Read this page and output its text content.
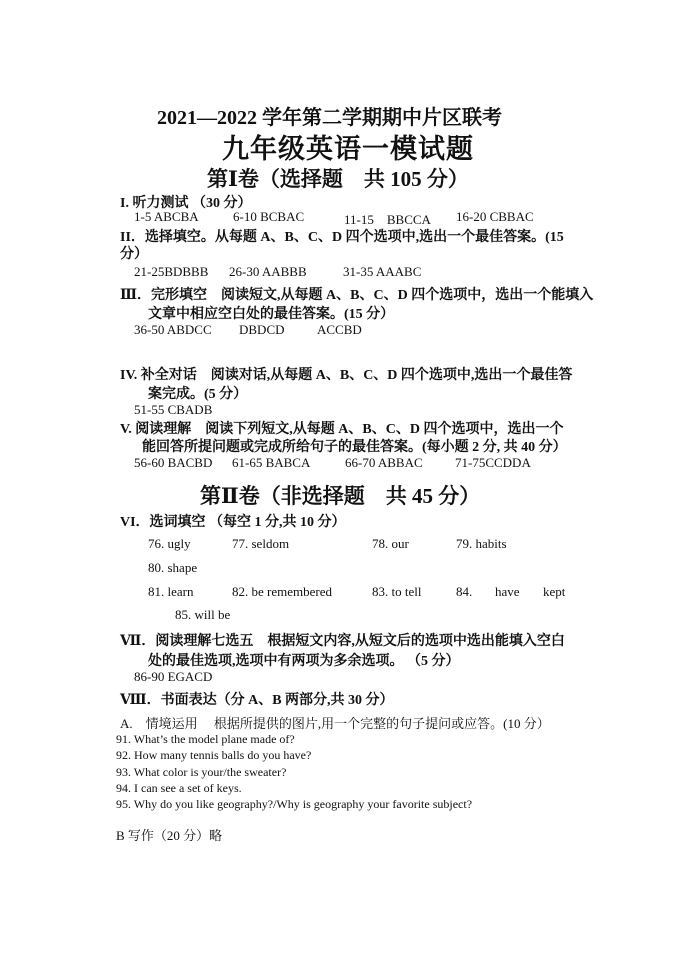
2021—2022 学年第二学期期中片区联考
九年级英语一模试题
第Ⅰ卷（选择题　共 105 分）
I. 听力测试 （30 分）
1-5 ABCBA	6-10 BCBAC	11-15　BBCCA 16-20 CBBAC
II．选择填空。从每题 A、B、C、D 四个选项中,选出一个最佳答案。(15
分）
21-25BDBBB 26-30 AABBB	31-35 AAABC
Ⅲ．完形填空　阅读短文,从每题 A、B、C、D 四个选项中，选出一个能填入
文章中相应空白处的最佳答案。(15 分）
36-50 ABDCC DBDCD ACCBD
IV. 补全对话　阅读对话,从每题 A、B、C、D 四个选项中,选出一个最佳答
案完成。(5 分）
51-55 CBADB
V. 阅读理解　阅读下列短文,从每题 A、B、C、D 四个选项中，选出一个
能回答所提问题或完成所给句子的最佳答案。(每小题 2 分, 共 40 分）
56-60 BACBD 61-65 BABCA	66-70 ABBAC 71-75CCDDA
第Ⅱ卷（非选择题　共 45 分）
VI．选词填空 （每空 1 分,共 10 分）
76. ugly	77. seldom	78. our	79. habits
80. shape
81. learn	82. be remembered	83. to tell	84. have kept
85. will be
Ⅶ．阅读理解七选五　根据短文内容,从短文后的选项中选出能填入空白
处的最佳选项,选项中有两项为多余选项。 （5 分）
86-90 EGACD
Ⅷ．书面表达（分 A、B 两部分,共 30 分）
A.　情境运用　 根据所提供的图片,用一个完整的句子提问或应答。(10 分）
91. What’s the model plane made of?
92. How many tennis balls do you have?
93. What color is your/the sweater?
94. I can see a set of keys.
95. Why do you like geography?/Why is geography your favorite subject?
B 写作（20 分）略
